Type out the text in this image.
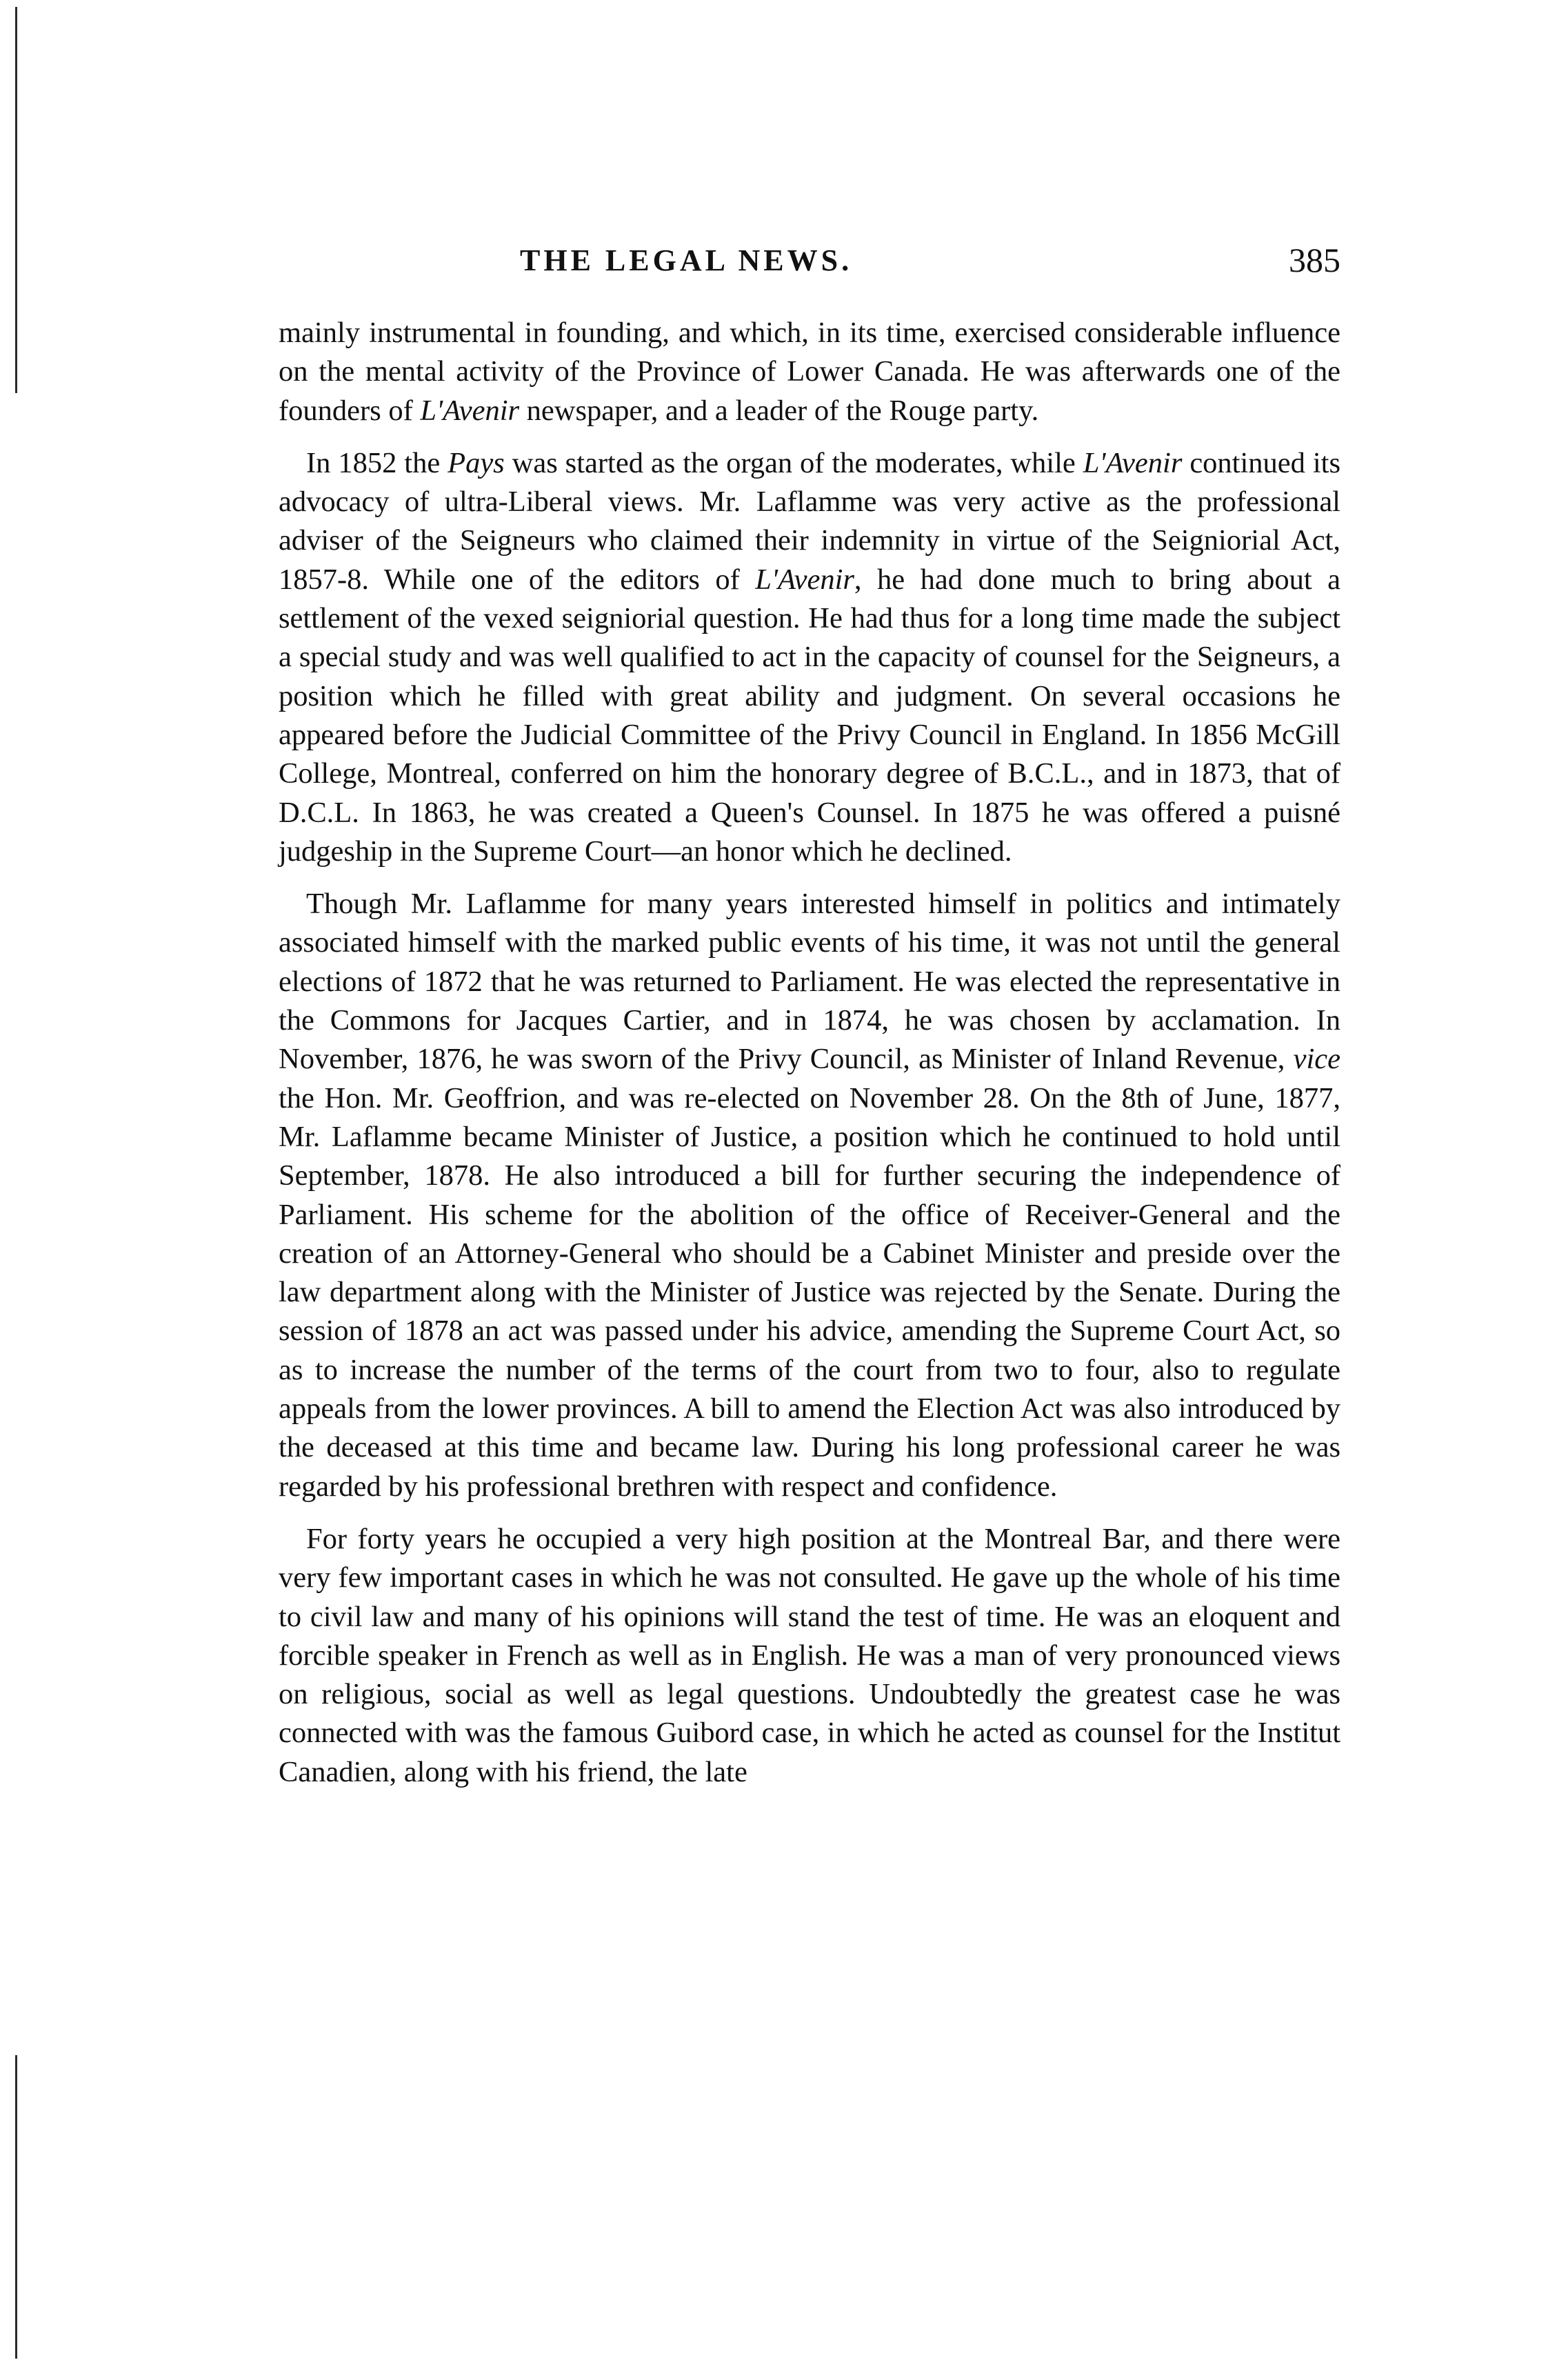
THE LEGAL NEWS.	385

mainly instrumental in founding, and which, in its time, exercised considerable influence on the mental activity of the Province of Lower Canada. He was afterwards one of the founders of L'Avenir newspaper, and a leader of the Rouge party.

In 1852 the Pays was started as the organ of the moderates, while L'Avenir continued its advocacy of ultra-Liberal views. Mr. Laflamme was very active as the professional adviser of the Seigneurs who claimed their indemnity in virtue of the Seigniorial Act, 1857-8. While one of the editors of L'Avenir, he had done much to bring about a settlement of the vexed seigniorial question. He had thus for a long time made the subject a special study and was well qualified to act in the capacity of counsel for the Seigneurs, a position which he filled with great ability and judgment. On several occasions he appeared before the Judicial Committee of the Privy Council in England. In 1856 McGill College, Montreal, conferred on him the honorary degree of B.C.L., and in 1873, that of D.C.L. In 1863, he was created a Queen's Counsel. In 1875 he was offered a puisné judgeship in the Supreme Court—an honor which he declined.

Though Mr. Laflamme for many years interested himself in politics and intimately associated himself with the marked public events of his time, it was not until the general elections of 1872 that he was returned to Parliament. He was elected the representative in the Commons for Jacques Cartier, and in 1874, he was chosen by acclamation. In November, 1876, he was sworn of the Privy Council, as Minister of Inland Revenue, vice the Hon. Mr. Geoffrion, and was re-elected on November 28. On the 8th of June, 1877, Mr. Laflamme became Minister of Justice, a position which he continued to hold until September, 1878. He also introduced a bill for further securing the independence of Parliament. His scheme for the abolition of the office of Receiver-General and the creation of an Attorney-General who should be a Cabinet Minister and preside over the law department along with the Minister of Justice was rejected by the Senate. During the session of 1878 an act was passed under his advice, amending the Supreme Court Act, so as to increase the number of the terms of the court from two to four, also to regulate appeals from the lower provinces. A bill to amend the Election Act was also introduced by the deceased at this time and became law. During his long professional career he was regarded by his professional brethren with respect and confidence.

For forty years he occupied a very high position at the Montreal Bar, and there were very few important cases in which he was not consulted. He gave up the whole of his time to civil law and many of his opinions will stand the test of time. He was an eloquent and forcible speaker in French as well as in English. He was a man of very pronounced views on religious, social as well as legal questions. Undoubtedly the greatest case he was connected with was the famous Guibord case, in which he acted as counsel for the Institut Canadien, along with his friend, the late
